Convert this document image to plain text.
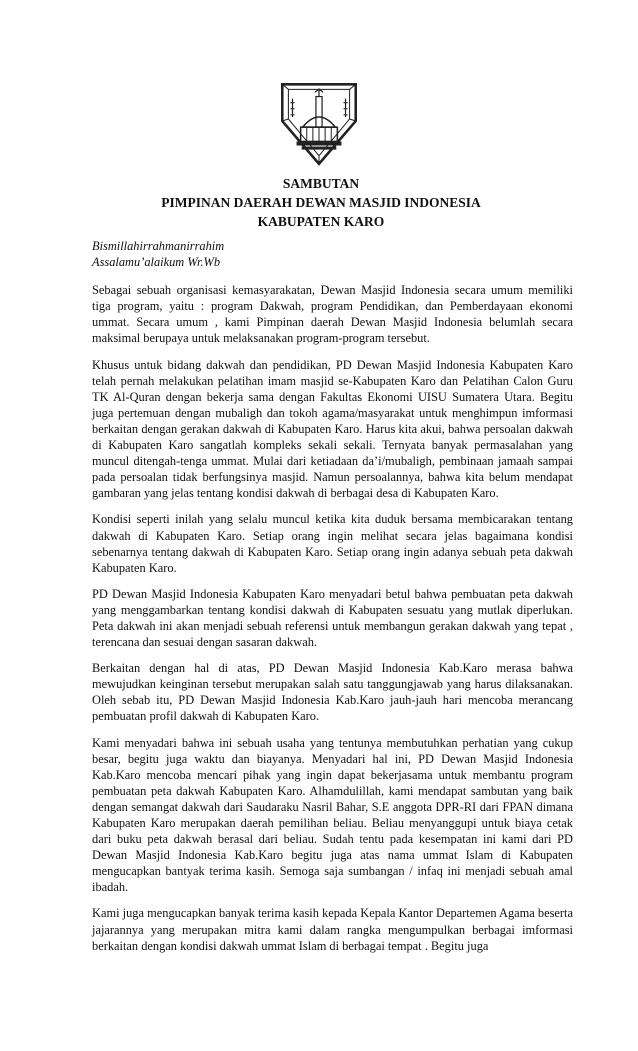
SAMBUTAN
PIMPINAN DAERAH DEWAN MASJID INDONESIA
KABUPATEN KARO

Bismillahirrahmanirrahim
Assalamu’alaikum Wr.Wb

Sebagai sebuah organisasi kemasyarakatan, Dewan Masjid Indonesia secara umum memiliki tiga program, yaitu : program Dakwah, program Pendidikan, dan Pemberdayaan ekonomi ummat. Secara umum , kami Pimpinan daerah Dewan Masjid Indonesia belumlah secara maksimal berupaya untuk melaksanakan program-program tersebut.

Khusus untuk bidang dakwah dan pendidikan, PD Dewan Masjid Indonesia Kabupaten Karo telah pernah melakukan pelatihan imam masjid se-Kabupaten Karo dan Pelatihan Calon Guru TK Al-Quran dengan bekerja sama dengan Fakultas Ekonomi UISU Sumatera Utara. Begitu juga pertemuan dengan mubaligh dan tokoh agama/masyarakat untuk menghimpun imformasi berkaitan dengan gerakan dakwah di Kabupaten Karo. Harus kita akui, bahwa persoalan dakwah di Kabupaten Karo sangatlah kompleks sekali sekali. Ternyata banyak permasalahan yang muncul ditengah-tenga ummat. Mulai dari ketiadaan da’i/mubaligh, pembinaan jamaah sampai pada persoalan tidak berfungsinya masjid. Namun persoalannya, bahwa kita belum mendapat gambaran yang jelas tentang kondisi dakwah di berbagai desa di Kabupaten Karo.

Kondisi seperti inilah yang selalu muncul ketika kita duduk bersama membicarakan tentang dakwah di Kabupaten Karo. Setiap orang ingin melihat secara jelas bagaimana kondisi sebenarnya tentang dakwah di Kabupaten Karo. Setiap orang ingin adanya sebuah peta dakwah Kabupaten Karo.

PD Dewan Masjid Indonesia Kabupaten Karo menyadari betul bahwa pembuatan peta dakwah yang menggambarkan tentang kondisi dakwah di Kabupaten sesuatu yang mutlak diperlukan. Peta dakwah ini akan menjadi sebuah referensi untuk membangun gerakan dakwah yang tepat , terencana dan sesuai dengan sasaran dakwah.

Berkaitan dengan hal di atas, PD Dewan Masjid Indonesia Kab.Karo merasa bahwa mewujudkan keinginan tersebut merupakan salah satu tanggungjawab yang harus dilaksanakan. Oleh sebab itu, PD Dewan Masjid Indonesia Kab.Karo jauh-jauh hari mencoba merancang pembuatan profil dakwah di Kabupaten Karo.

Kami menyadari bahwa ini sebuah usaha yang tentunya membutuhkan perhatian yang cukup besar, begitu juga waktu dan biayanya. Menyadari hal ini, PD Dewan Masjid Indonesia Kab.Karo mencoba mencari pihak yang ingin dapat bekerjasama untuk membantu program pembuatan peta dakwah Kabupaten Karo. Alhamdulillah, kami mendapat sambutan yang baik dengan semangat dakwah dari Saudaraku Nasril Bahar, S.E anggota DPR-RI dari FPAN dimana Kabupaten Karo merupakan daerah pemilihan beliau. Beliau menyanggupi untuk biaya cetak dari buku peta dakwah berasal dari beliau. Sudah tentu pada kesempatan ini kami dari PD Dewan Masjid Indonesia Kab.Karo begitu juga atas nama ummat Islam di Kabupaten mengucapkan bantyak terima kasih. Semoga saja sumbangan / infaq ini menjadi sebuah amal ibadah.

Kami juga mengucapkan banyak terima kasih kepada Kepala Kantor Departemen Agama beserta jajarannya yang merupakan mitra kami dalam rangka mengumpulkan berbagai imformasi berkaitan dengan kondisi dakwah ummat Islam di berbagai tempat . Begitu juga
